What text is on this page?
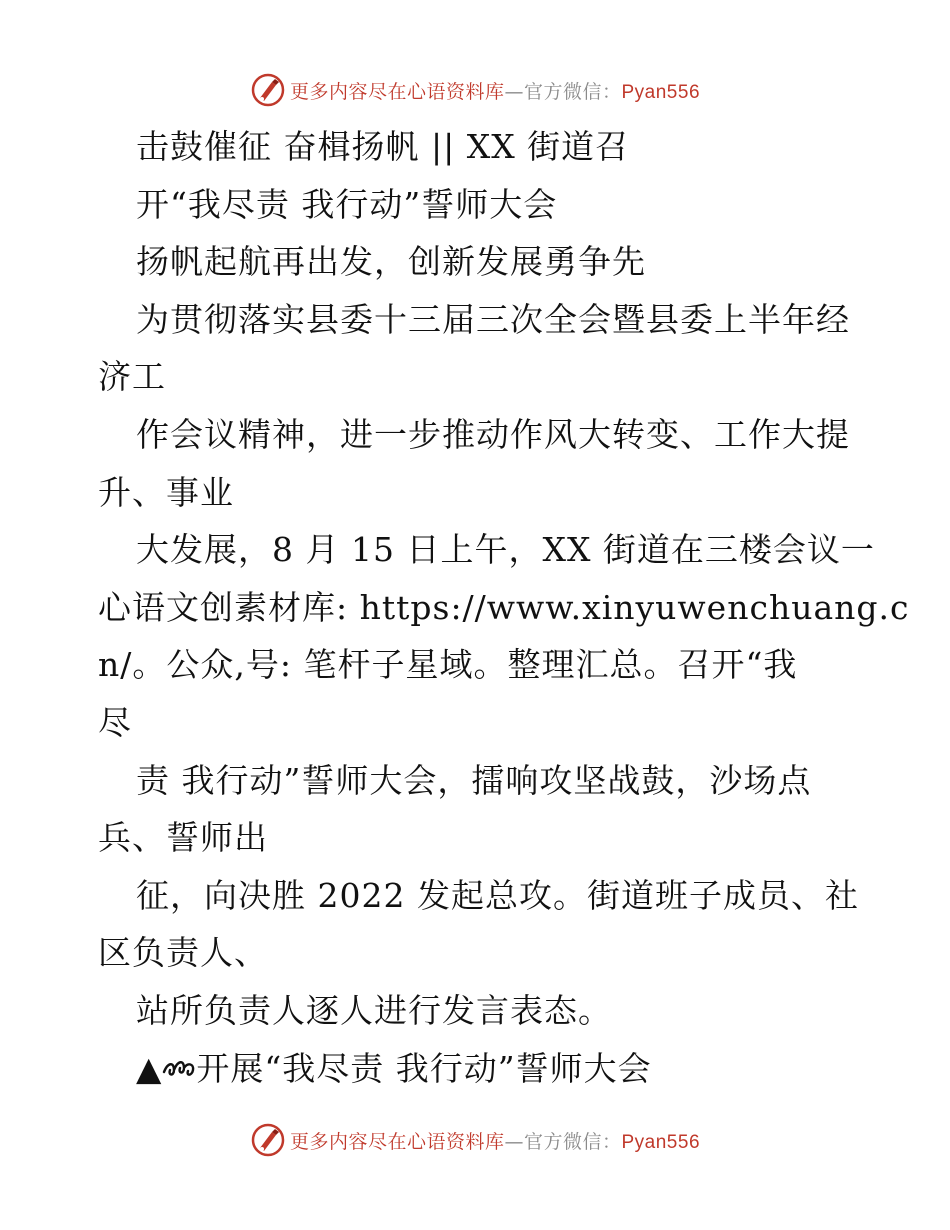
更多内容尽在心语资料库—官方微信：Pyan556
击鼓催征 奋楫扬帆 || XX 街道召
开“我尽责 我行动”誓师大会
扬帆起航再出发，创新发展勇争先
为贯彻落实县委十三届三次全会暨县委上半年经
济工
作会议精神，进一步推动作风大转变、工作大提
升、事业
大发展，8 月 15 日上午，XX 街道在三楼会议一
心语文创素材库: https://www.xinyuwenchuang.c
n/。公众,号: 笔杆子星域。整理汇总。召开“我
尽
责 我行动”誓师大会，擂响攻坚战鼓，沙场点
兵、誓师出
征，向决胜 2022 发起总攻。街道班子成员、社
区负责人、
站所负责人逐人进行发言表态。
▲ 开展“我尽责 我行动”誓师大会
更多内容尽在心语资料库—官方微信：Pyan556
